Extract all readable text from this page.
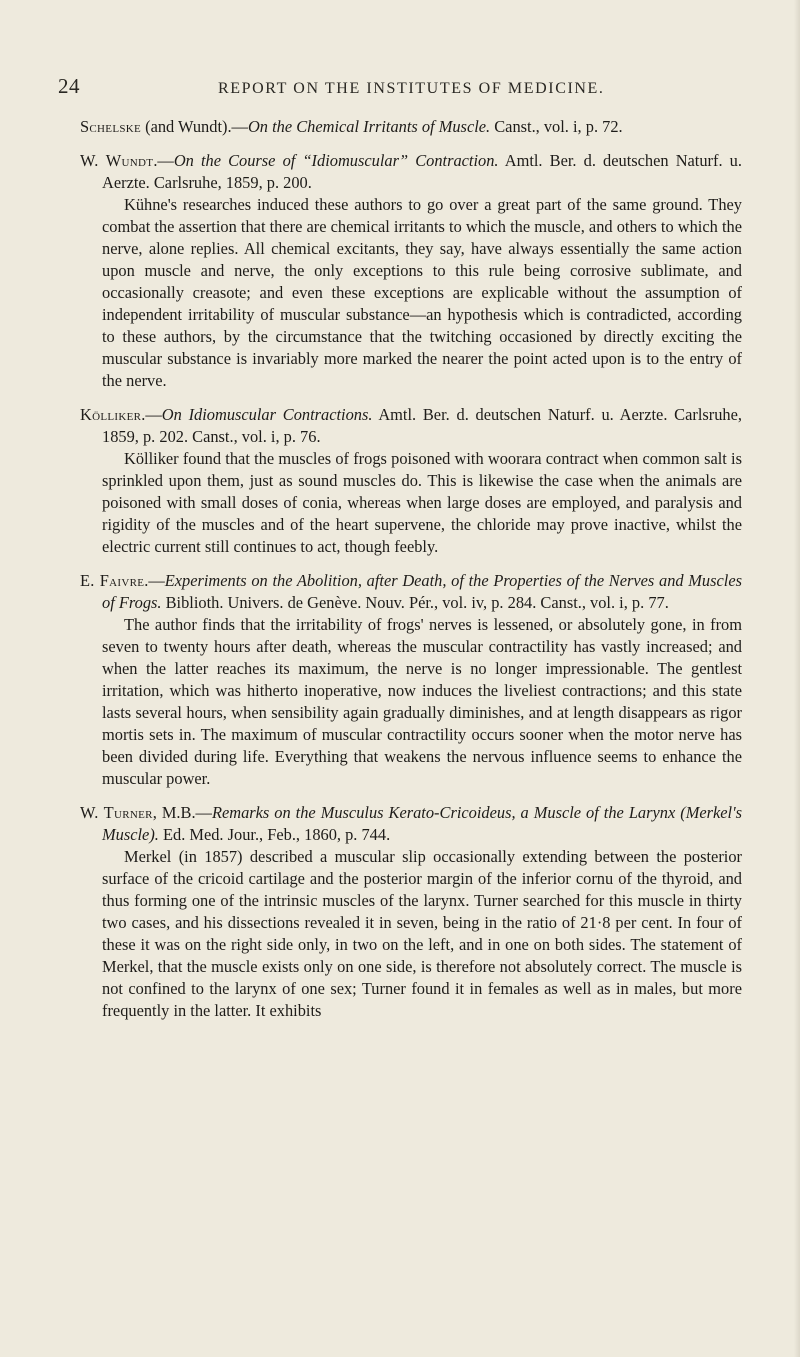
24	REPORT ON THE INSTITUTES OF MEDICINE.

Schelske (and Wundt).—On the Chemical Irritants of Muscle. Canst., vol. i, p. 72.

W. Wundt.—On the Course of “Idiomuscular” Contraction. Amtl. Ber. d. deutschen Naturf. u. Aerzte. Carlsruhe, 1859, p. 200.

Kühne's researches induced these authors to go over a great part of the same ground. They combat the assertion that there are chemical irritants to which the muscle, and others to which the nerve, alone replies. All chemical excitants, they say, have always essentially the same action upon muscle and nerve, the only exceptions to this rule being corrosive sublimate, and occasionally creasote; and even these exceptions are explicable without the assumption of independent irritability of muscular substance—an hypothesis which is contradicted, according to these authors, by the circumstance that the twitching occasioned by directly exciting the muscular substance is invariably more marked the nearer the point acted upon is to the entry of the nerve.

Kölliker.—On Idiomuscular Contractions. Amtl. Ber. d. deutschen Naturf. u. Aerzte. Carlsruhe, 1859, p. 202. Canst., vol. i, p. 76.

Kölliker found that the muscles of frogs poisoned with woorara contract when common salt is sprinkled upon them, just as sound muscles do. This is likewise the case when the animals are poisoned with small doses of conia, whereas when large doses are employed, and paralysis and rigidity of the muscles and of the heart supervene, the chloride may prove inactive, whilst the electric current still continues to act, though feebly.

E. Faivre.—Experiments on the Abolition, after Death, of the Properties of the Nerves and Muscles of Frogs. Biblioth. Univers. de Genève. Nouv. Pér., vol. iv, p. 284. Canst., vol. i, p. 77.

The author finds that the irritability of frogs' nerves is lessened, or absolutely gone, in from seven to twenty hours after death, whereas the muscular contractility has vastly increased; and when the latter reaches its maximum, the nerve is no longer impressionable. The gentlest irritation, which was hitherto inoperative, now induces the liveliest contractions; and this state lasts several hours, when sensibility again gradually diminishes, and at length disappears as rigor mortis sets in. The maximum of muscular contractility occurs sooner when the motor nerve has been divided during life. Everything that weakens the nervous influence seems to enhance the muscular power.

W. Turner, M.B.—Remarks on the Musculus Kerato-Cricoideus, a Muscle of the Larynx (Merkel's Muscle). Ed. Med. Jour., Feb., 1860, p. 744.

Merkel (in 1857) described a muscular slip occasionally extending between the posterior surface of the cricoid cartilage and the posterior margin of the inferior cornu of the thyroid, and thus forming one of the intrinsic muscles of the larynx. Turner searched for this muscle in thirty two cases, and his dissections revealed it in seven, being in the ratio of 21·8 per cent. In four of these it was on the right side only, in two on the left, and in one on both sides. The statement of Merkel, that the muscle exists only on one side, is therefore not absolutely correct. The muscle is not confined to the larynx of one sex; Turner found it in females as well as in males, but more frequently in the latter. It exhibits
